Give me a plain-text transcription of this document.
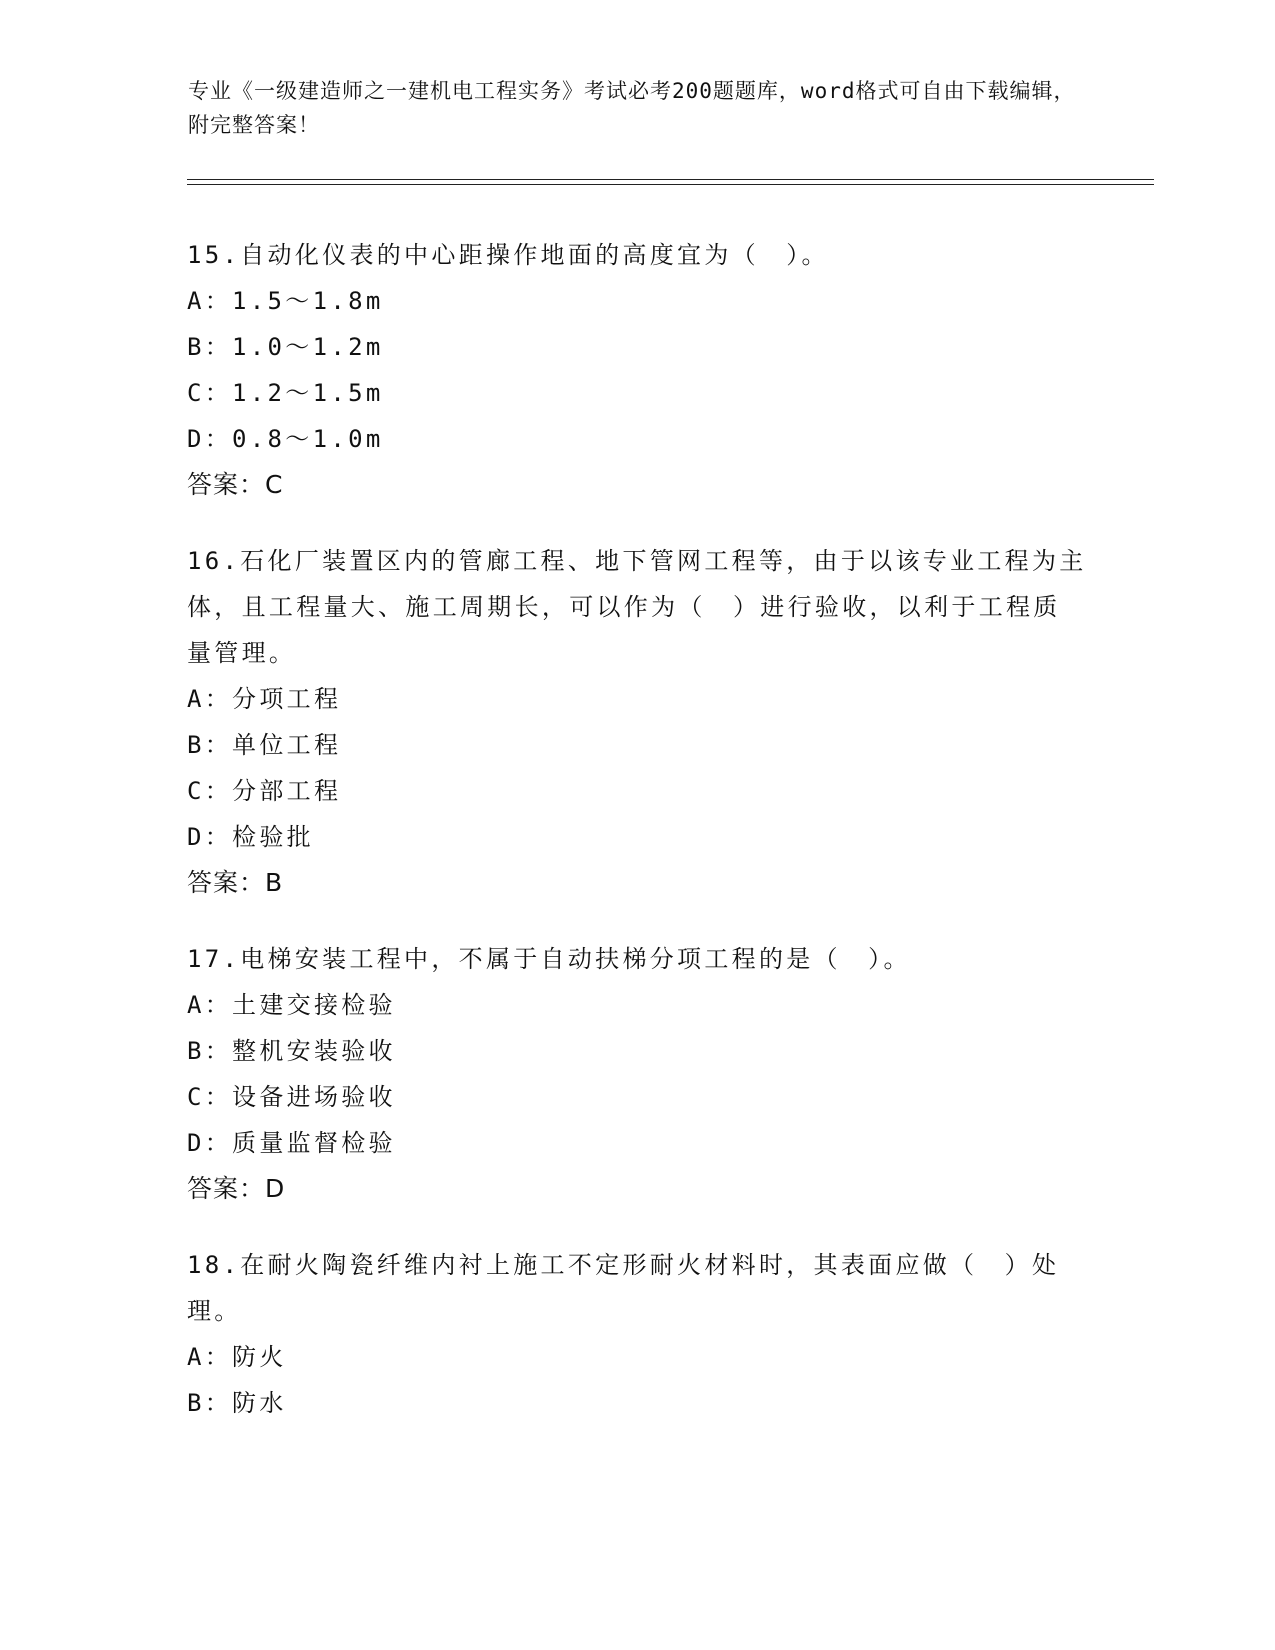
专业《一级建造师之一建机电工程实务》考试必考200题题库，word格式可自由下载编辑，附完整答案！
15.自动化仪表的中心距操作地面的高度宜为（　）。
A：1.5～1.8m
B：1.0～1.2m
C：1.2～1.5m
D：0.8～1.0m
答案：C
16.石化厂装置区内的管廊工程、地下管网工程等，由于以该专业工程为主体，且工程量大、施工周期长，可以作为（　）进行验收，以利于工程质量管理。
A：分项工程
B：单位工程
C：分部工程
D：检验批
答案：B
17.电梯安装工程中，不属于自动扶梯分项工程的是（　）。
A：土建交接检验
B：整机安装验收
C：设备进场验收
D：质量监督检验
答案：D
18.在耐火陶瓷纤维内衬上施工不定形耐火材料时，其表面应做（　）处理。
A：防火
B：防水
